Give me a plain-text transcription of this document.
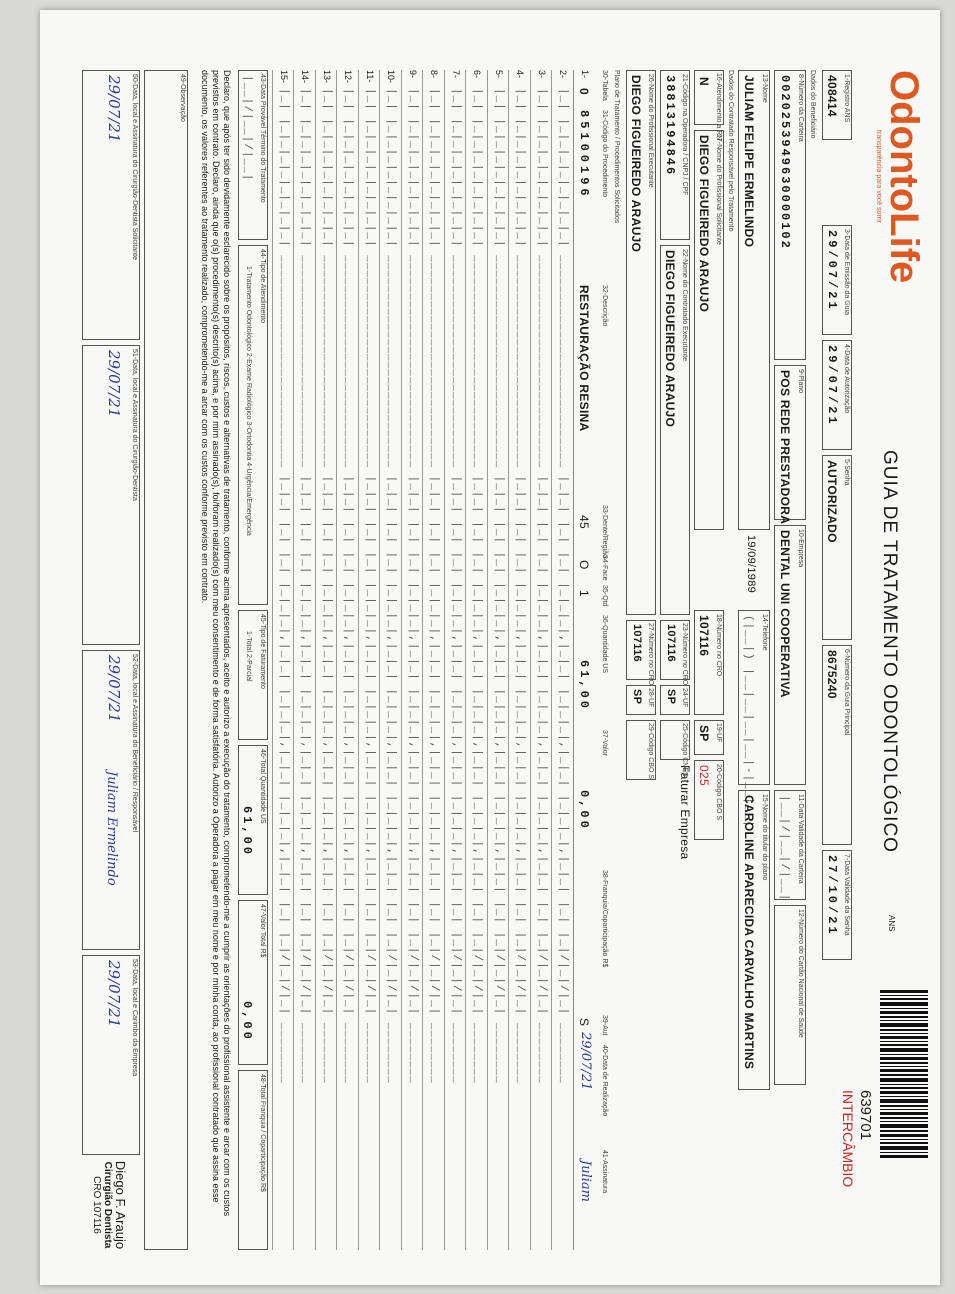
OdontoLife
transparência para você sorrir
GUIA DE TRATAMENTO ODONTOLÓGICO
ANS
639701
INTERCÂMBIO
1-Registro ANS
408414
3-Data de Emissão da Guia
29/07/21
4-Data de Autorização
29/07/21
5-Senha
AUTORIZADO
6-Número da Guia Principal
8675240
7-Data Validade da Senha
27/10/21
Dados do Beneficiário
8-Número da Carteira
0020253949630000102
9-Plano
POS REDE PRESTADORA
10-Empresa
DENTAL UNI COOPERATIVA
11-Data Validade da Carteira
|__|/|__|/|__|
12-Número do Cartão Nacional de Saúde
13-Nome
JULIAM FELIPE ERMELINDO
19/09/1989
14-Telefone
(|__|) |__|__|__|__|-|__|__|
15-Nome do titular do plano
CAROLINE APARECIDA CARVALHO MARTINS
Dados do Contratado Responsável pelo Tratamento
16-Atendimento a RN
N
17-Nome do Profissional Solicitante
DIEGO FIGUEIREDO ARAUJO
18-Número no CRO
107116
19-UF
SP
20-Código CBO S
025
Faturar Empresa
21-Código na Operadora / CNPJ / CPF
38813194846
22-Nome do Contratado Executante
DIEGO FIGUEIREDO ARAUJO
23-Número no CRO
107116
24-UF
SP
25-Código CNES
26-Nome do Profissional Executante
DIEGO FIGUEIREDO ARAUJO
27-Número no CRO
107116
28-UF
SP
29-Código CBO S
Plano de Tratamento / Procedimentos Solicitados
30-Tabela
31-Código do Procedimento
32-Descrição
33-Dente/Região
34-Face
35-Qtd
36-Quantidade US
37-Valor
38-Franquia/Coparticipação R$
39-Aut
40-Data de Realização
41-Assinatura
1-
0
85100196
RESTAURAÇÃO RESINA
45
O
1
61,00
0,00
S
29/07/21
Juliam
2-
|_| |_|_|_|_|_|_|_|_| ____________________________ |_|_| |_| |_| |_|_|_|,|_|_| |_|_|_|,|_|_| |_|_|_|,|_|_| |_| |_|/|_|/|_| ________
3-
|_| |_|_|_|_|_|_|_|_| ____________________________ |_|_| |_| |_| |_|_|_|,|_|_| |_|_|_|,|_|_| |_|_|_|,|_|_| |_| |_|/|_|/|_| ________
4-
|_| |_|_|_|_|_|_|_|_| ____________________________ |_|_| |_| |_| |_|_|_|,|_|_| |_|_|_|,|_|_| |_|_|_|,|_|_| |_| |_|/|_|/|_| ________
5-
|_| |_|_|_|_|_|_|_|_| ____________________________ |_|_| |_| |_| |_|_|_|,|_|_| |_|_|_|,|_|_| |_|_|_|,|_|_| |_| |_|/|_|/|_| ________
6-
|_| |_|_|_|_|_|_|_|_| ____________________________ |_|_| |_| |_| |_|_|_|,|_|_| |_|_|_|,|_|_| |_|_|_|,|_|_| |_| |_|/|_|/|_| ________
7-
|_| |_|_|_|_|_|_|_|_| ____________________________ |_|_| |_| |_| |_|_|_|,|_|_| |_|_|_|,|_|_| |_|_|_|,|_|_| |_| |_|/|_|/|_| ________
8-
|_| |_|_|_|_|_|_|_|_| ____________________________ |_|_| |_| |_| |_|_|_|,|_|_| |_|_|_|,|_|_| |_|_|_|,|_|_| |_| |_|/|_|/|_| ________
9-
|_| |_|_|_|_|_|_|_|_| ____________________________ |_|_| |_| |_| |_|_|_|,|_|_| |_|_|_|,|_|_| |_|_|_|,|_|_| |_| |_|/|_|/|_| ________
10-
|_| |_|_|_|_|_|_|_|_| ____________________________ |_|_| |_| |_| |_|_|_|,|_|_| |_|_|_|,|_|_| |_|_|_|,|_|_| |_| |_|/|_|/|_| ________
11-
|_| |_|_|_|_|_|_|_|_| ____________________________ |_|_| |_| |_| |_|_|_|,|_|_| |_|_|_|,|_|_| |_|_|_|,|_|_| |_| |_|/|_|/|_| ________
12-
|_| |_|_|_|_|_|_|_|_| ____________________________ |_|_| |_| |_| |_|_|_|,|_|_| |_|_|_|,|_|_| |_|_|_|,|_|_| |_| |_|/|_|/|_| ________
13-
|_| |_|_|_|_|_|_|_|_| ____________________________ |_|_| |_| |_| |_|_|_|,|_|_| |_|_|_|,|_|_| |_|_|_|,|_|_| |_| |_|/|_|/|_| ________
14-
|_| |_|_|_|_|_|_|_|_| ____________________________ |_|_| |_| |_| |_|_|_|,|_|_| |_|_|_|,|_|_| |_|_|_|,|_|_| |_| |_|/|_|/|_| ________
15-
|_| |_|_|_|_|_|_|_|_| ____________________________ |_|_| |_| |_| |_|_|_|,|_|_| |_|_|_|,|_|_| |_|_|_|,|_|_| |_| |_|/|_|/|_| ________
43-Data Provável Término do Tratamento
|__|/|__|/|__|
44-Tipo de Atendimento
1-Tratamento Odontológico 2-Exame Radiológico 3-Ortodontia 4-Urgência/Emergência
45-Tipo de Faturamento
1-Total 2-Parcial
46-Total Quantidade US
61,00
47-Valor Total R$
0,00
48-Total Franquia / Coparticipação R$
Declaro, que após ter sido devidamente esclarecido sobre os propósitos, riscos, custos e alternativas de tratamento, conforme acima apresentados, aceito e autorizo a execução do tratamento, comprometendo-me a cumprir as orientações do profissional assistente e arcar com os custos previstos em contrato. Declaro, ainda que o(s) procedimento(s) descrito(s) acima, e por mim assinado(s), foi/foram realizado(s) com meu consentimento e de forma satisfatória. Autorizo a Operadora a pagar em meu nome e por minha conta, ao profissional contratado que assina esse documento, os valores referentes ao tratamento realizado, comprometendo-me a arcar com os custos conforme previsto em contrato.
49-Observação
50-Data, local e Assinatura do Cirurgião-Dentista Solicitante
29/07/21
51-Data, local e Assinatura do Cirurgião-Dentista
29/07/21
52-Data, local e Assinatura do Beneficiário / Responsável
29/07/21
Juliam Ermelindo
53-Data, local e Carimbo da Empresa
29/07/21
Diego F. Araujo
Cirurgião Dentista
CRO 107116
